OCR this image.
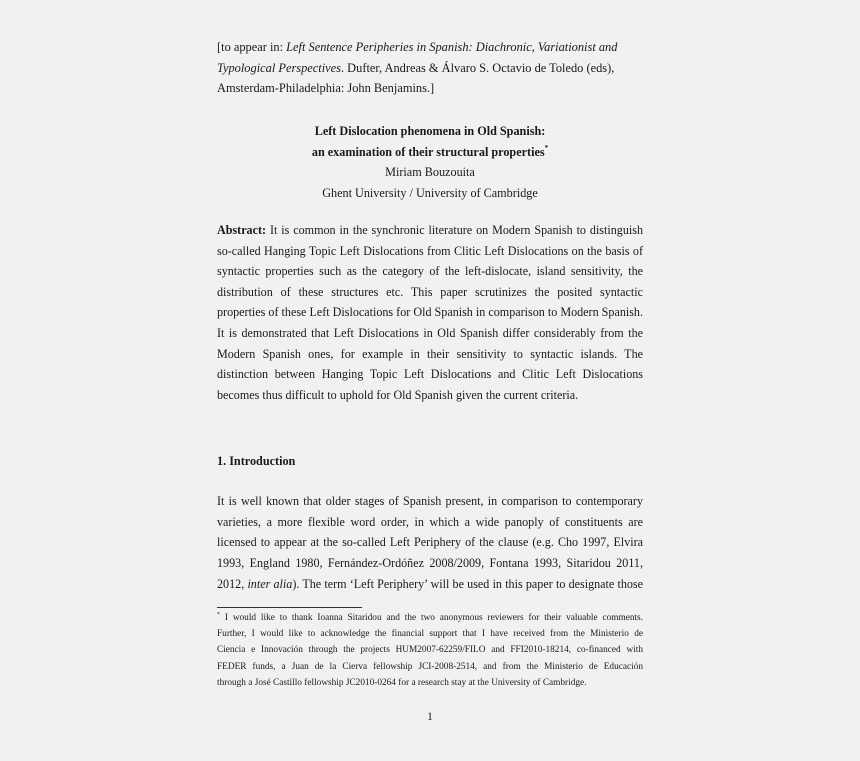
[to appear in: Left Sentence Peripheries in Spanish: Diachronic, Variationist and
Typological Perspectives. Dufter, Andreas & Álvaro S. Octavio de Toledo (eds),
Amsterdam-Philadelphia: John Benjamins.]
Left Dislocation phenomena in Old Spanish:
an examination of their structural properties*
Miriam Bouzouita
Ghent University / University of Cambridge
Abstract: It is common in the synchronic literature on Modern Spanish to distinguish
so-called Hanging Topic Left Dislocations from Clitic Left Dislocations on the basis of
syntactic properties such as the category of the left-dislocate, island sensitivity, the
distribution of these structures etc. This paper scrutinizes the posited syntactic
properties of these Left Dislocations for Old Spanish in comparison to Modern Spanish.
It is demonstrated that Left Dislocations in Old Spanish differ considerably from the
Modern Spanish ones, for example in their sensitivity to syntactic islands. The
distinction between Hanging Topic Left Dislocations and Clitic Left Dislocations
becomes thus difficult to uphold for Old Spanish given the current criteria.
1. Introduction
It is well known that older stages of Spanish present, in comparison to contemporary
varieties, a more flexible word order, in which a wide panoply of constituents are
licensed to appear at the so-called Left Periphery of the clause (e.g. Cho 1997, Elvira
1993, England 1980, Fernández-Ordóñez 2008/2009, Fontana 1993, Sitaridou 2011,
2012, inter alia). The term ‘Left Periphery’ will be used in this paper to designate those
* I would like to thank Ioanna Sitaridou and the two anonymous reviewers for their valuable comments.
Further, I would like to acknowledge the financial support that I have received from the Ministerio de
Ciencia e Innovación through the projects HUM2007-62259/FILO and FFI2010-18214, co-financed with
FEDER funds, a Juan de la Cierva fellowship JCI-2008-2514, and from the Ministerio de Educación
through a José Castillo fellowship JC2010-0264 for a research stay at the University of Cambridge.
1
